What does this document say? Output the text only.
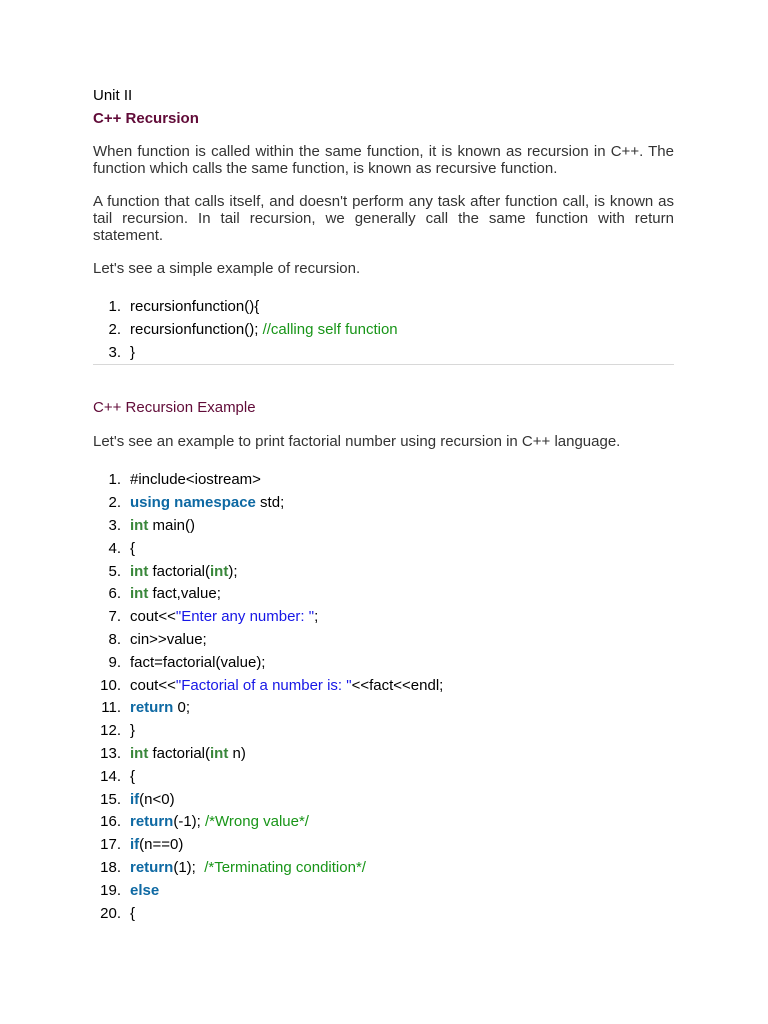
Unit II

C++ Recursion

When function is called within the same function, it is known as recursion in C++. The function which calls the same function, is known as recursive function.

A function that calls itself, and doesn't perform any task after function call, is known as tail recursion. In tail recursion, we generally call the same function with return statement.

Let's see a simple example of recursion.

1. recursionfunction(){
2. recursionfunction(); //calling self function
3. }

C++ Recursion Example

Let's see an example to print factorial number using recursion in C++ language.

1. #include<iostream>
2. using namespace std;
3. int main()
4. {
5. int factorial(int);
6. int fact,value;
7. cout<<"Enter any number: ";
8. cin>>value;
9. fact=factorial(value);
10. cout<<"Factorial of a number is: "<<fact<<endl;
11. return 0;
12. }
13. int factorial(int n)
14. {
15. if(n<0)
16. return(-1); /*Wrong value*/
17. if(n==0)
18. return(1);  /*Terminating condition*/
19. else
20. {
